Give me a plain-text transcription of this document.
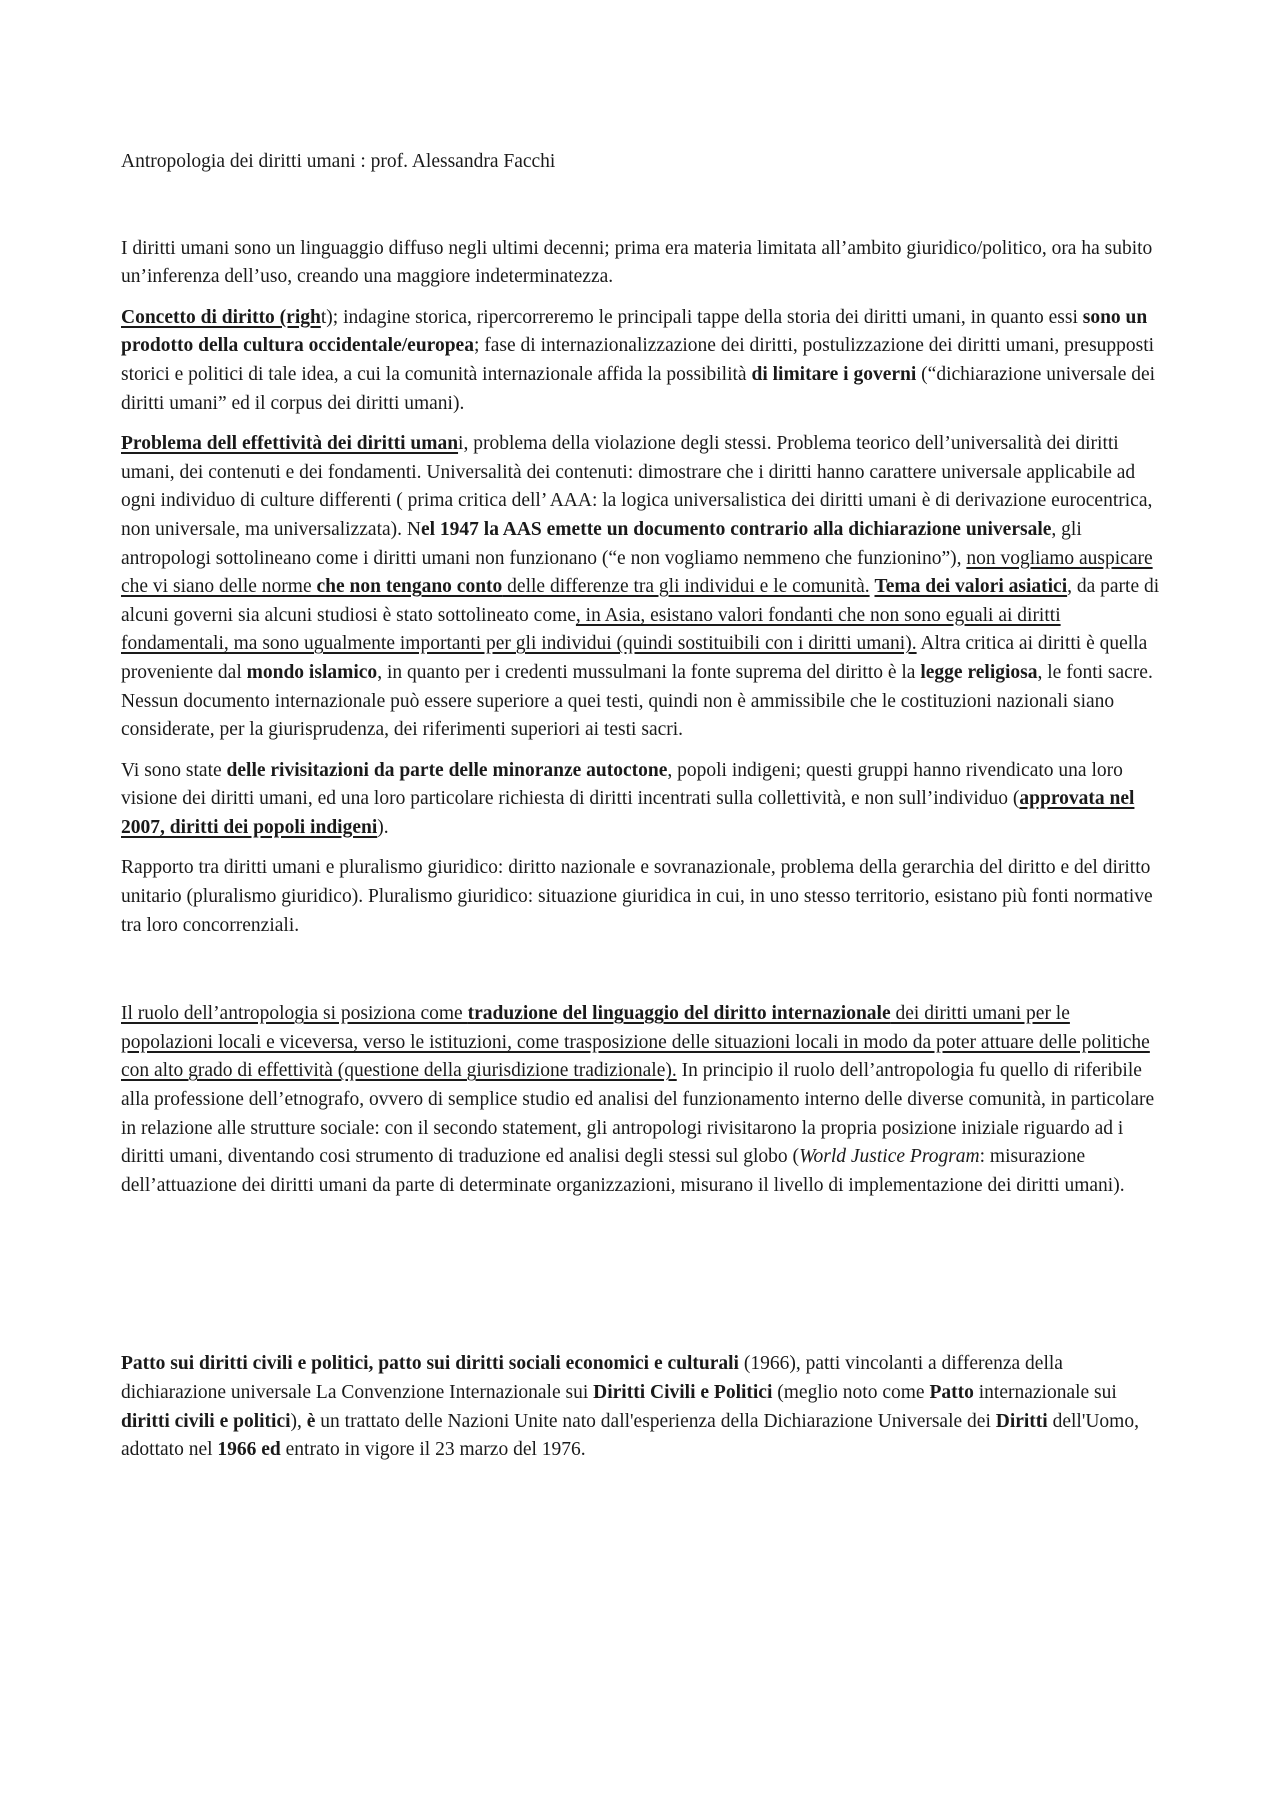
Antropologia dei diritti umani : prof. Alessandra Facchi

I diritti umani sono un linguaggio diffuso negli ultimi decenni; prima era materia limitata all’ambito giuridico/politico, ora ha subito un’inferenza dell’uso, creando una maggiore indeterminatezza.

Concetto di diritto (right); indagine storica, ripercorreremo le principali tappe della storia dei diritti umani, in quanto essi sono un prodotto della cultura occidentale/europea; fase di internazionalizzazione dei diritti, postulizzazione dei diritti umani, presupposti storici e politici di tale idea, a cui la comunità internazionale affida la possibilità di limitare i governi (“dichiarazione universale dei diritti umani” ed il corpus dei diritti umani).

Problema dell effettività dei diritti umani, problema della violazione degli stessi. Problema teorico dell’universalità dei diritti umani, dei contenuti e dei fondamenti. Universalità dei contenuti: dimostrare che i diritti hanno carattere universale applicabile ad ogni individuo di culture differenti ( prima critica dell’ AAA: la logica universalistica dei diritti umani è di derivazione eurocentrica, non universale, ma universalizzata). Nel 1947 la AAS emette un documento contrario alla dichiarazione universale, gli antropologi sottolineano come i diritti umani non funzionano (“e non vogliamo nemmeno che funzionino”), non vogliamo auspicare che vi siano delle norme che non tengano conto delle differenze tra gli individui e le comunità. Tema dei valori asiatici, da parte di alcuni governi sia alcuni studiosi è stato sottolineato come, in Asia, esistano valori fondanti che non sono eguali ai diritti fondamentali, ma sono ugualmente importanti per gli individui (quindi sostituibili con i diritti umani). Altra critica ai diritti è quella proveniente dal mondo islamico, in quanto per i credenti mussulmani la fonte suprema del diritto è la legge religiosa, le fonti sacre. Nessun documento internazionale può essere superiore a quei testi, quindi non è ammissibile che le costituzioni nazionali siano considerate, per la giurisprudenza, dei riferimenti superiori ai testi sacri.

Vi sono state delle rivisitazioni da parte delle minoranze autoctone, popoli indigeni; questi gruppi hanno rivendicato una loro visione dei diritti umani, ed una loro particolare richiesta di diritti incentrati sulla collettività, e non sull’individuo (approvata nel 2007, diritti dei popoli indigeni).

Rapporto tra diritti umani e pluralismo giuridico: diritto nazionale e sovranazionale, problema della gerarchia del diritto e del diritto unitario (pluralismo giuridico). Pluralismo giuridico: situazione giuridica in cui, in uno stesso territorio, esistano più fonti normative tra loro concorrenziali.

Il ruolo dell’antropologia si posiziona come traduzione del linguaggio del diritto internazionale dei diritti umani per le popolazioni locali e viceversa, verso le istituzioni, come trasposizione delle situazioni locali in modo da poter attuare delle politiche con alto grado di effettività (questione della giurisdizione tradizionale). In principio il ruolo dell’antropologia fu quello di riferibile alla professione dell’etnografo, ovvero di semplice studio ed analisi del funzionamento interno delle diverse comunità, in particolare in relazione alle strutture sociale: con il secondo statement, gli antropologi rivisitarono la propria posizione iniziale riguardo ad i diritti umani, diventando cosi strumento di traduzione ed analisi degli stessi sul globo (World Justice Program: misurazione dell’attuazione dei diritti umani da parte di determinate organizzazioni, misurano il livello di implementazione dei diritti umani).

Patto sui diritti civili e politici, patto sui diritti sociali economici e culturali (1966), patti vincolanti a differenza della dichiarazione universale La Convenzione Internazionale sui Diritti Civili e Politici (meglio noto come Patto internazionale sui diritti civili e politici), è un trattato delle Nazioni Unite nato dall'esperienza della Dichiarazione Universale dei Diritti dell'Uomo, adottato nel 1966 ed entrato in vigore il 23 marzo del 1976.
